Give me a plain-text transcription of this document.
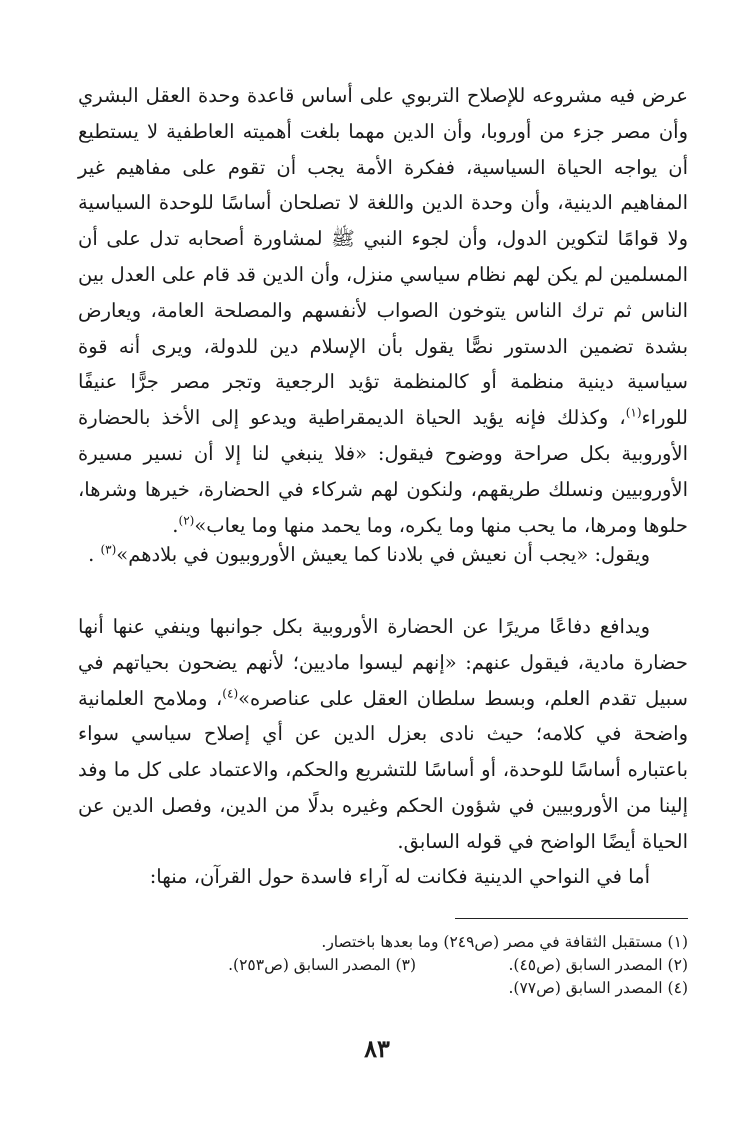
عرض فيه مشروعه للإصلاح التربوي على أساس قاعدة وحدة العقل البشري وأن مصر جزء من أوروبا، وأن الدين مهما بلغت أهميته العاطفية لا يستطيع أن يواجه الحياة السياسية، ففكرة الأمة يجب أن تقوم على مفاهيم غير المفاهيم الدينية، وأن وحدة الدين واللغة لا تصلحان أساسًا للوحدة السياسية ولا قوامًا لتكوين الدول، وأن لجوء النبي ﷺ لمشاورة أصحابه تدل على أن المسلمين لم يكن لهم نظام سياسي منزل، وأن الدين قد قام على العدل بين الناس ثم ترك الناس يتوخون الصواب لأنفسهم والمصلحة العامة، ويعارض بشدة تضمين الدستور نصًّا يقول بأن الإسلام دين للدولة، ويرى أنه قوة سياسية دينية منظمة أو كالمنظمة تؤيد الرجعية وتجر مصر جرًّا عنيفًا للوراء$^{(١)}$، وكذلك فإنه يؤيد الحياة الديمقراطية ويدعو إلى الأخذ بالحضارة الأوروبية بكل صراحة ووضوح فيقول: «فلا ينبغي لنا إلا أن نسير مسيرة الأوروبيين ونسلك طريقهم، ولنكون لهم شركاء في الحضارة، خيرها وشرها، حلوها ومرها، ما يحب منها وما يكره، وما يحمد منها وما يعاب»$^{(٢)}$.
ويقول: «يجب أن نعيش في بلادنا كما يعيش الأوروبيون في بلادهم»$^{(٣)}$ .
ويدافع دفاعًا مريرًا عن الحضارة الأوروبية بكل جوانبها وينفي عنها أنها حضارة مادية، فيقول عنهم: «إنهم ليسوا ماديين؛ لأنهم يضحون بحياتهم في سبيل تقدم العلم، وبسط سلطان العقل على عناصره»$^{(٤)}$، وملامح العلمانية واضحة في كلامه؛ حيث نادى بعزل الدين عن أي إصلاح سياسي سواء باعتباره أساسًا للوحدة، أو أساسًا للتشريع والحكم، والاعتماد على كل ما وفد إلينا من الأوروبيين في شؤون الحكم وغيره بدلًا من الدين، وفصل الدين عن الحياة أيضًا الواضح في قوله السابق.
أما في النواحي الدينية فكانت له آراء فاسدة حول القرآن، منها:
(١) مستقبل الثقافة في مصر (ص٢٤٩) وما بعدها باختصار.
(٢) المصدر السابق (ص٤٥).
(٣) المصدر السابق (ص٢٥٣).
(٤) المصدر السابق (ص٧٧).
٨٣
